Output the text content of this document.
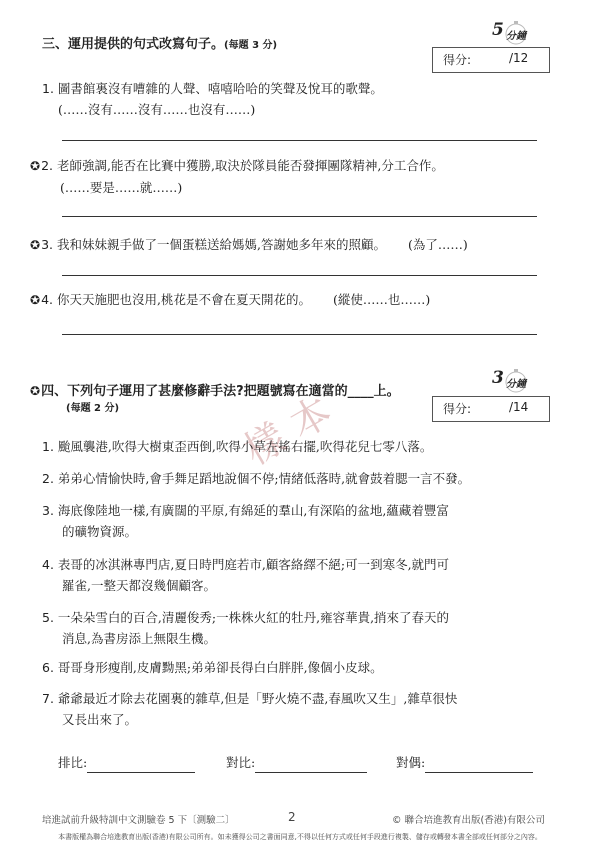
樣 本
三、運用提供的句式改寫句子。(每題 3 分)
5 分鐘
得分:	/12
1. 圖書館裏沒有嘈雜的人聲、嘻嘻哈哈的笑聲及悅耳的歌聲。
(……沒有……沒有……也沒有……)
✪2. 老師強調,能否在比賽中獲勝,取決於隊員能否發揮團隊精神,分工合作。
(……要是……就……)
✪3. 我和妹妹親手做了一個蛋糕送給媽媽,答謝她多年來的照顧。 (為了……)
✪4. 你天天施肥也沒用,桃花是不會在夏天開花的。 (縱使……也……)
✪四、下列句子運用了甚麼修辭手法?把題號寫在適當的____上。
(每題 2 分)
3 分鐘
得分:	/14
1. 颱風襲港,吹得大樹東歪西倒,吹得小草左搖右擺,吹得花兒七零八落。
2. 弟弟心情愉快時,會手舞足蹈地說個不停;情緒低落時,就會鼓着腮一言不發。
3. 海底像陸地一樣,有廣闊的平原,有綿延的羣山,有深陷的盆地,蘊藏着豐富
的礦物資源。
4. 表哥的冰淇淋專門店,夏日時門庭若市,顧客絡繹不絕;可一到寒冬,就門可
羅雀,一整天都沒幾個顧客。
5. 一朵朵雪白的百合,清麗俊秀;一株株火紅的牡丹,雍容華貴,捎來了春天的
消息,為書房添上無限生機。
6. 哥哥身形瘦削,皮膚黝黑;弟弟卻長得白白胖胖,像個小皮球。
7. 爺爺最近才除去花園裏的雜草,但是「野火燒不盡,春風吹又生」,雜草很快
又長出來了。
排比:	對比:	對偶:
培進試前升級特訓中文測驗卷 5 下〔測驗二〕	2	© 聯合培進教育出版(香港)有限公司
本書版權為聯合培進教育出版(香港)有限公司所有。如未獲得公司之書面同意,不得以任何方式或任何手段進行複製、儲存或轉發本書全部或任何部分之內容。
